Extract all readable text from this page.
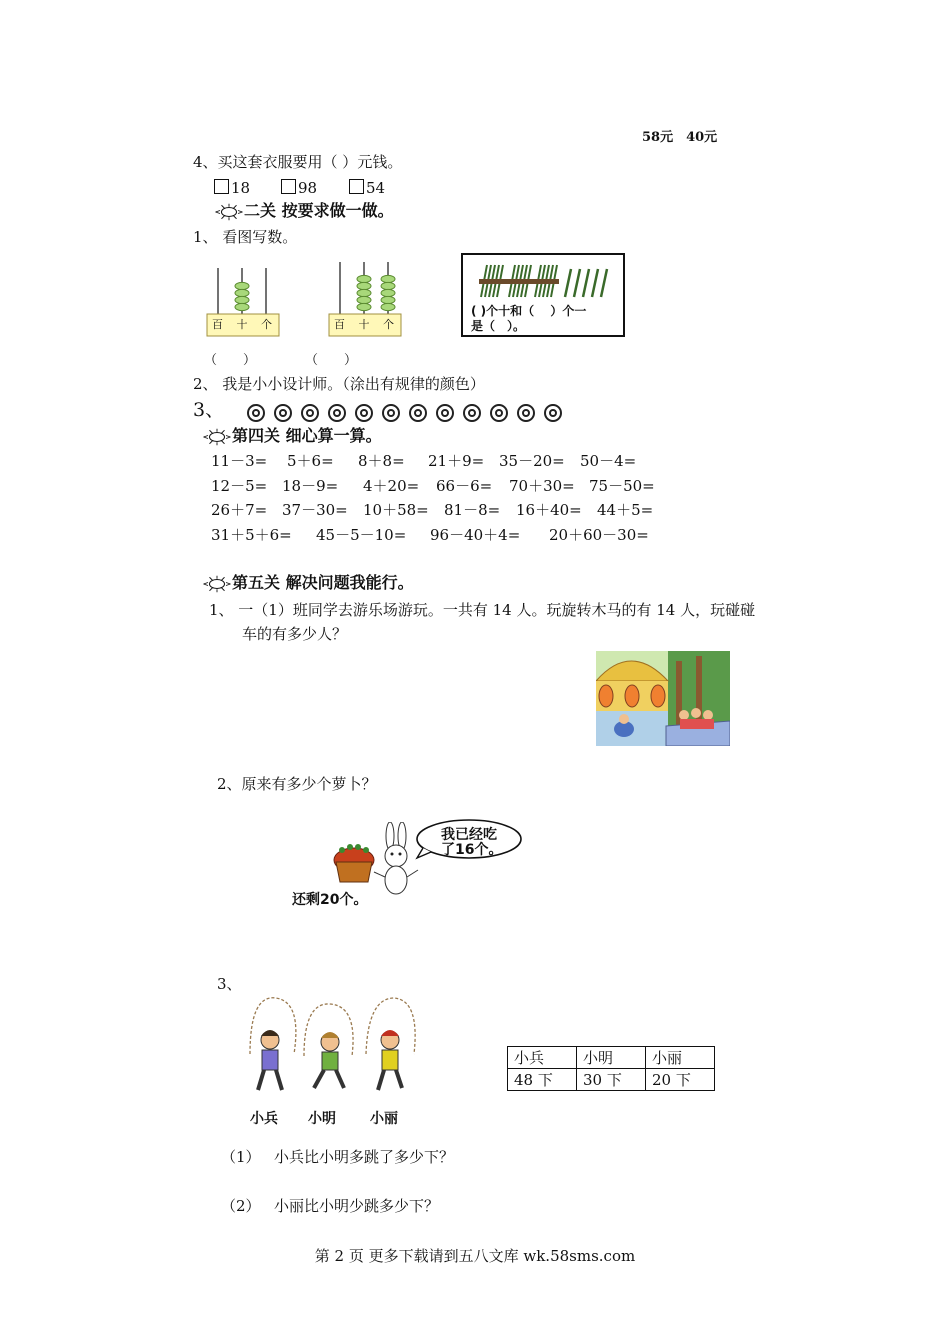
58元　40元
4、买这套衣服要用（ ）元钱。
18	98	54
二关 按要求做一做。
1、 看图写数。
百 十 个	百 十 个
( )个十和（　 ）个一
是（　）。
（　　）	（　　）
2、 我是小小设计师。（涂出有规律的颜色）
3、
第四关 细心算一算。
11－3= 5＋6= 8＋8= 21＋9= 35－20= 50－4=
12－5= 18－9= 4＋20= 66－6= 70＋30= 75－50=
26＋7= 37－30= 10＋58= 81－8= 16＋40= 44＋5=
31＋5＋6= 45－5－10= 96－40＋4= 20＋60－30=
第五关 解决问题我能行。
1、 一（1）班同学去游乐场游玩。一共有 14 人。玩旋转木马的有 14 人，玩碰碰
车的有多少人？
2、原来有多少个萝卜？
我已经吃
了16个。
还剩20个。
3、
小兵 小明 小丽
小兵	小明	小丽
48 下	30 下	20 下
（1） 小兵比小明多跳了多少下？
（2） 小丽比小明少跳多少下？
第 2 页 更多下载请到五八文库 wk.58sms.com
